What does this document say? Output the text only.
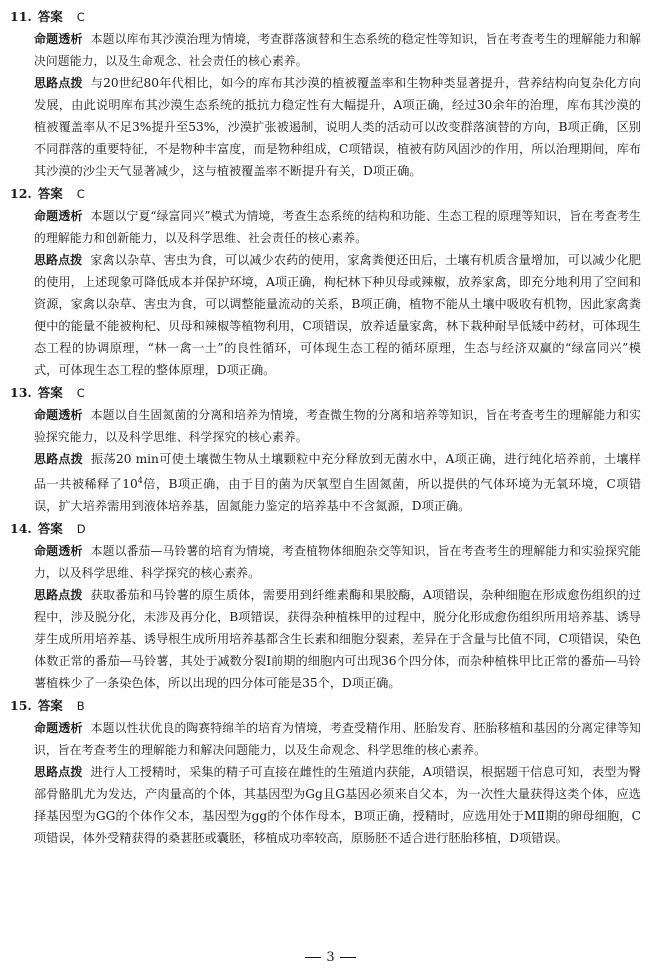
11. 答案 C
命题透析 本题以库布其沙漠治理为情境，考查群落演替和生态系统的稳定性等知识，旨在考查考生的理解能力和解决问题能力，以及生命观念、社会责任的核心素养。
思路点拨 与20世纪80年代相比，如今的库布其沙漠的植被覆盖率和生物种类显著提升，营养结构向复杂化方向发展，由此说明库布其沙漠生态系统的抵抗力稳定性有大幅提升，A项正确，经过30余年的治理，库布其沙漠的植被覆盖率从不足3%提升至53%，沙漠扩张被遏制，说明人类的活动可以改变群落演替的方向，B项正确，区别不同群落的重要特征，不是物种丰富度，而是物种组成，C项错误，植被有防风固沙的作用，所以治理期间，库布其沙漠的沙尘天气显著减少，这与植被覆盖率不断提升有关，D项正确。
12. 答案 C
命题透析 本题以宁夏“绿富同兴”模式为情境，考查生态系统的结构和功能、生态工程的原理等知识，旨在考查考生的理解能力和创新能力，以及科学思维、社会责任的核心素养。
思路点拨 家禽以杂草、害虫为食，可以减少农药的使用，家禽粪便还田后，土壤有机质含量增加，可以减少化肥的使用，上述现象可降低成本并保护环境，A项正确，枸杞林下种贝母或辣椒，放养家禽，即充分地利用了空间和资源，家禽以杂草、害虫为食，可以调整能量流动的关系，B项正确，植物不能从土壤中吸收有机物，因此家禽粪便中的能量不能被枸杞、贝母和辣椒等植物利用，C项错误，放养适量家禽，林下栽种耐旱低矮中药材，可体现生态工程的协调原理，“林一禽一土”的良性循环，可体现生态工程的循环原理，生态与经济双赢的“绿富同兴”模式，可体现生态工程的整体原理，D项正确。
13. 答案 C
命题透析 本题以自生固氮菌的分离和培养为情境，考查微生物的分离和培养等知识，旨在考查考生的理解能力和实验探究能力，以及科学思维、科学探究的核心素养。
思路点拨 振荡20 min可使土壤微生物从土壤颗粒中充分释放到无菌水中，A项正确，进行纯化培养前，土壤样品一共被稀释了$10^4$倍，B项正确，由于目的菌为厌氧型自生固氮菌，所以提供的气体环境为无氧环境，C项错误，扩大培养需用到液体培养基，固氮能力鉴定的培养基中不含氮源，D项正确。
14. 答案 D
命题透析 本题以番茄—马铃薯的培育为情境，考查植物体细胞杂交等知识，旨在考查考生的理解能力和实验探究能力，以及科学思维、科学探究的核心素养。
思路点拨 获取番茄和马铃薯的原生质体，需要用到纤维素酶和果胶酶，A项错误，杂种细胞在形成愈伤组织的过程中，涉及脱分化，未涉及再分化，B项错误，获得杂种植株甲的过程中，脱分化形成愈伤组织所用培养基、诱导芽生成所用培养基、诱导根生成所用培养基都含生长素和细胞分裂素，差异在于含量与比值不同，C项错误，染色体数正常的番茄—马铃薯，其处于减数分裂Ⅰ前期的细胞内可出现36个四分体，而杂种植株甲比正常的番茄—马铃薯植株少了一条染色体，所以出现的四分体可能是35个，D项正确。
15. 答案 B
命题透析 本题以性状优良的陶赛特绵羊的培育为情境，考查受精作用、胚胎发育、胚胎移植和基因的分离定律等知识，旨在考查考生的理解能力和解决问题能力，以及生命观念、科学思维的核心素养。
思路点拨 进行人工授精时，采集的精子可直接在雌性的生殖道内获能，A项错误，根据题干信息可知，表型为臀部骨骼肌尤为发达，产肉量高的个体，其基因型为Gg且G基因必须来自父本，为一次性大量获得这类个体，应选择基因型为GG的个体作父本，基因型为gg的个体作母本，B项正确，授精时，应选用处于MⅡ期的卵母细胞，C项错误，体外受精获得的桑葚胚或囊胚，移植成功率较高，原肠胚不适合进行胚胎移植，D项错误。
3
